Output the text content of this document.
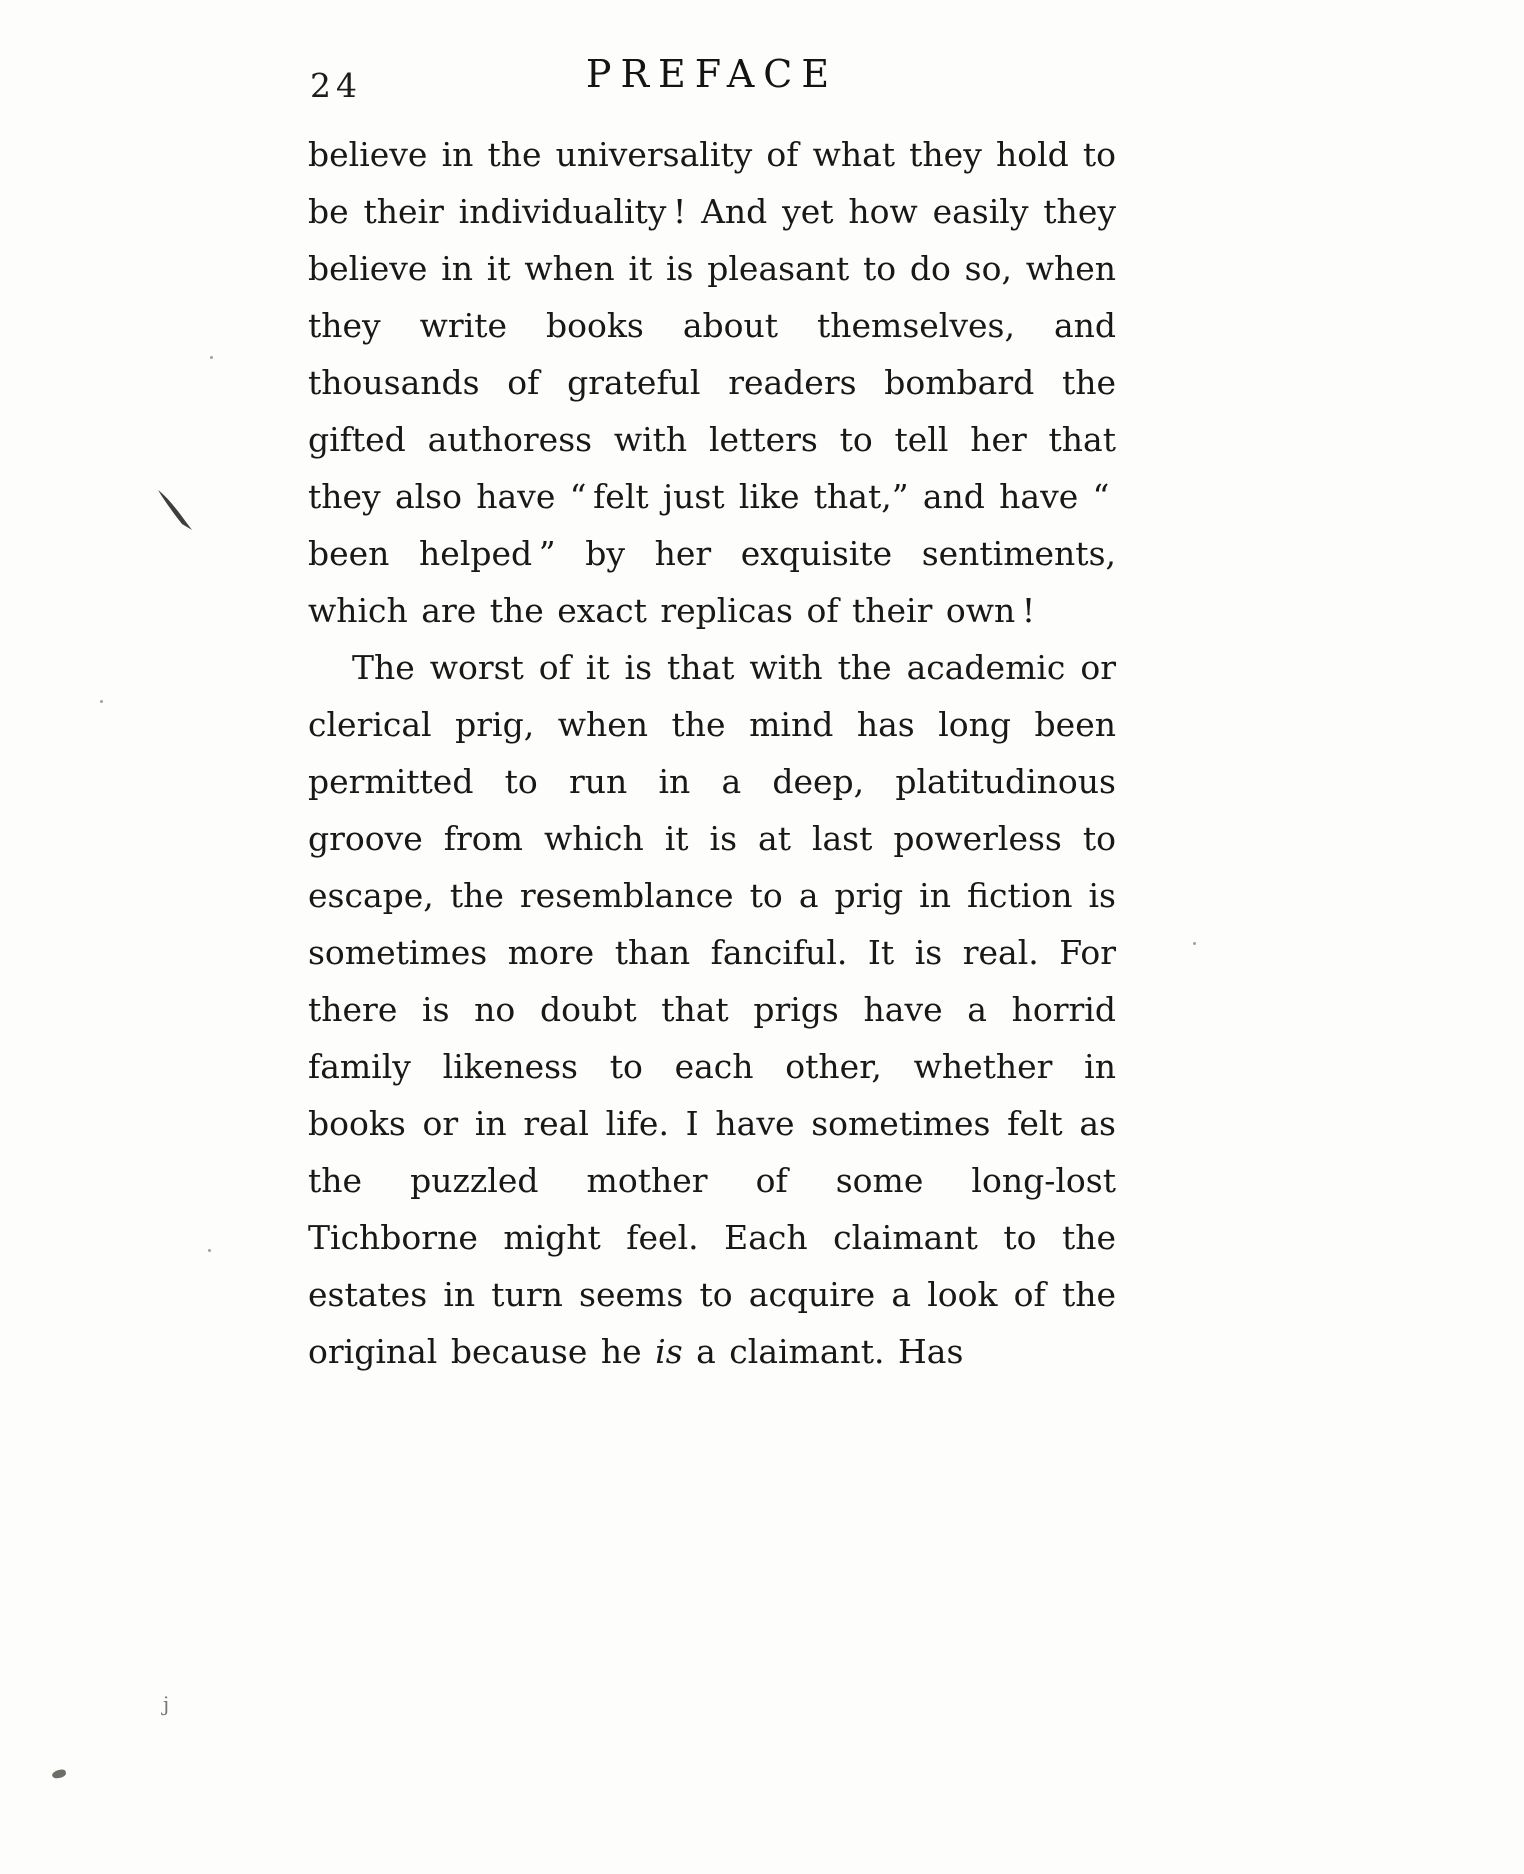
24	PREFACE

believe in the universality of what they hold to be their individuality ! And yet how easily they believe in it when it is pleasant to do so, when they write books about themselves, and thousands of grateful readers bombard the gifted authoress with letters to tell her that they also have “ felt just like that,” and have “ been helped ” by her exquisite sentiments, which are the exact replicas of their own !

The worst of it is that with the academic or clerical prig, when the mind has long been permitted to run in a deep, platitudinous groove from which it is at last powerless to escape, the resemblance to a prig in fiction is sometimes more than fanciful. It is real. For there is no doubt that prigs have a horrid family likeness to each other, whether in books or in real life. I have sometimes felt as the puzzled mother of some long-lost Tichborne might feel. Each claimant to the estates in turn seems to acquire a look of the original because he is a claimant. Has

j
